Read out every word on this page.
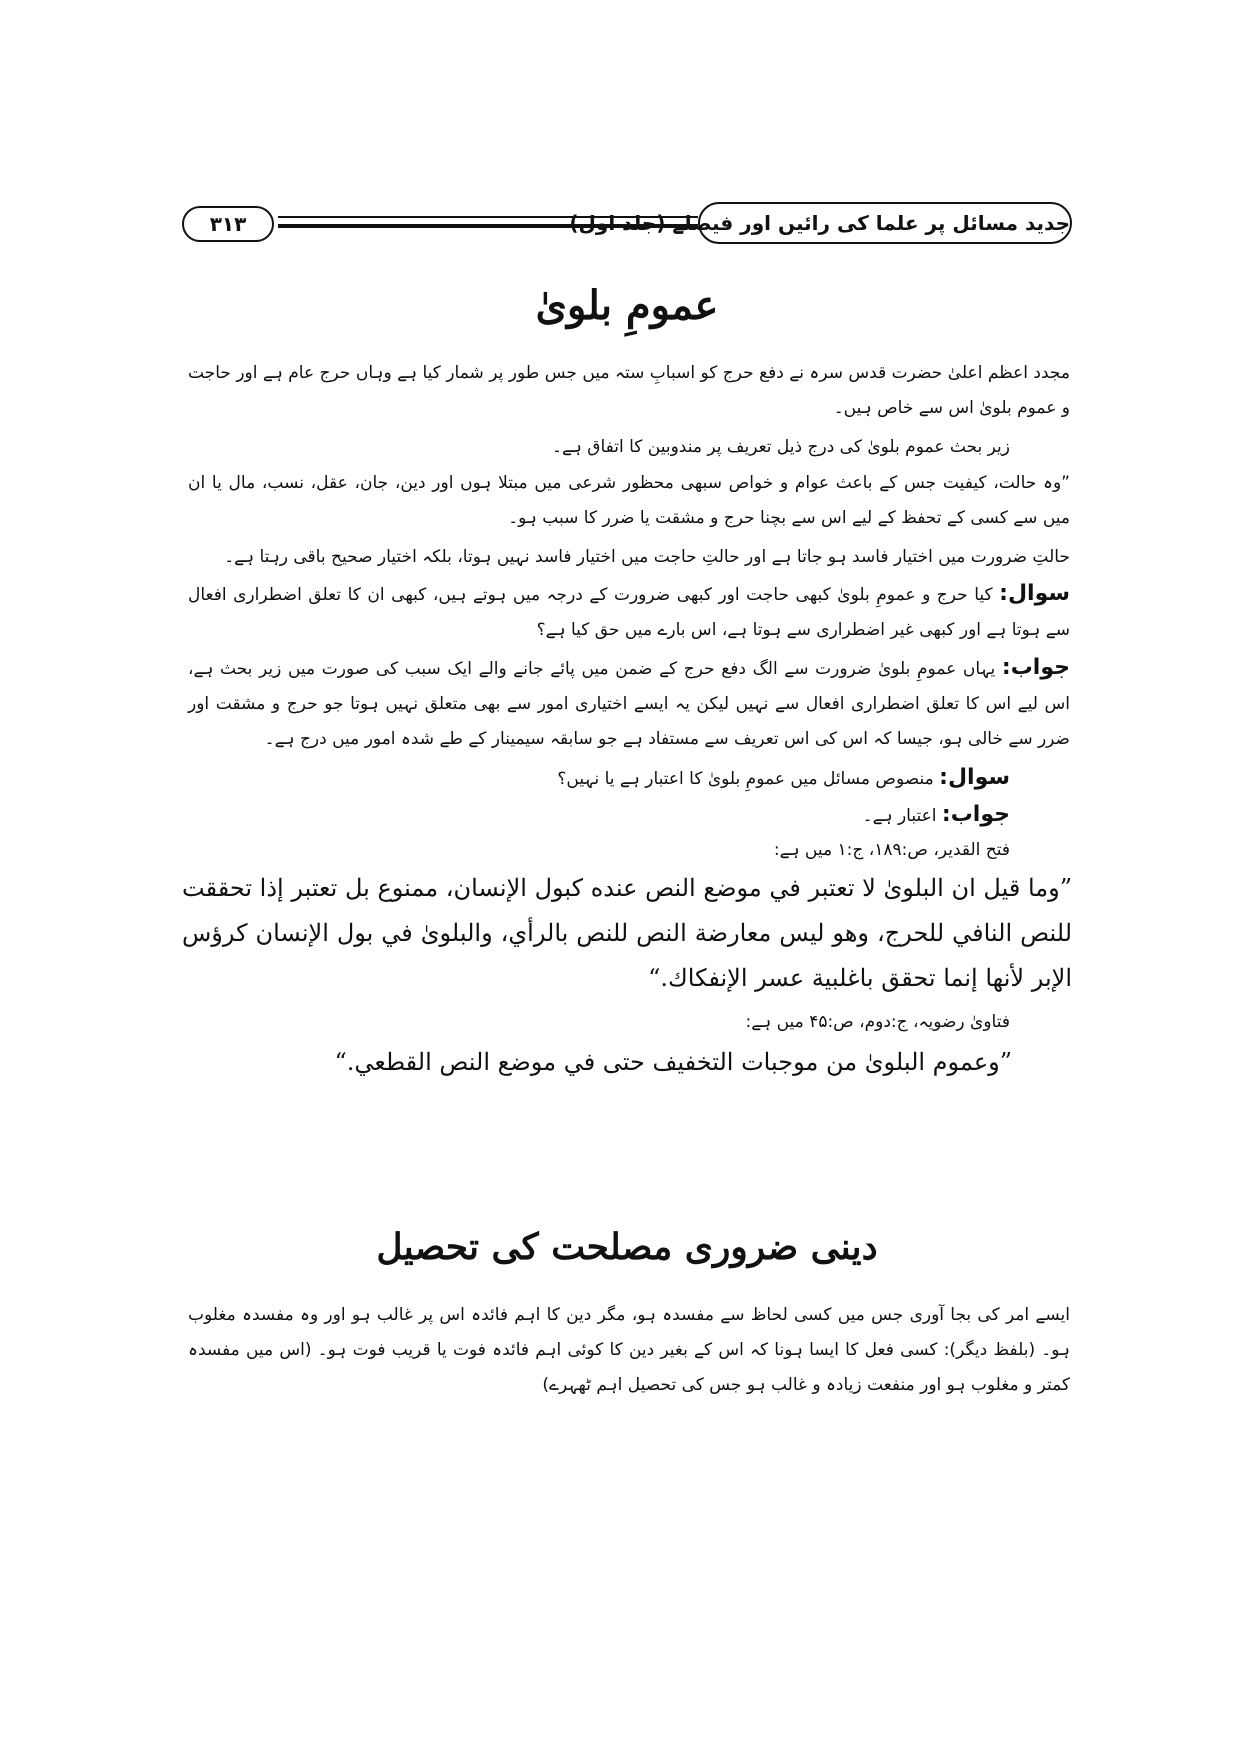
۳۱۳	جدید مسائل پر علما کی رائیں اور فیصلے (جلد اول)
عمومِ بلویٰ
مجدد اعظم اعلیٰ حضرت قدس سرہ نے دفع حرج کو اسبابِ ستہ میں جس طور پر شمار کیا ہے وہاں حرج عام ہے اور حاجت و عموم بلویٰ اس سے خاص ہیں۔
زیر بحث عموم بلویٰ کی درج ذیل تعریف پر مندوبین کا اتفاق ہے۔
”وہ حالت، کیفیت جس کے باعث عوام و خواص سبھی محظور شرعی میں مبتلا ہوں اور دین، جان، عقل، نسب، مال یا ان میں سے کسی کے تحفظ کے لیے اس سے بچنا حرج و مشقت یا ضرر کا سبب ہو۔
حالتِ ضرورت میں اختیار فاسد ہو جاتا ہے اور حالتِ حاجت میں اختیار فاسد نہیں ہوتا، بلکہ اختیار صحیح باقی رہتا ہے۔
سوال: کیا حرج و عمومِ بلویٰ کبھی حاجت اور کبھی ضرورت کے درجہ میں ہوتے ہیں، کبھی ان کا تعلق اضطراری افعال سے ہوتا ہے اور کبھی غیر اضطراری سے ہوتا ہے، اس بارے میں حق کیا ہے؟
جواب: یہاں عمومِ بلویٰ ضرورت سے الگ دفع حرج کے ضمن میں پائے جانے والے ایک سبب کی صورت میں زیر بحث ہے، اس لیے اس کا تعلق اضطراری افعال سے نہیں لیکن یہ ایسے اختیاری امور سے بھی متعلق نہیں ہوتا جو حرج و مشقت اور ضرر سے خالی ہو، جیسا کہ اس کی اس تعریف سے مستفاد ہے جو سابقہ سیمینار کے طے شدہ امور میں درج ہے۔
سوال: منصوص مسائل میں عمومِ بلویٰ کا اعتبار ہے یا نہیں؟
جواب: اعتبار ہے۔
فتح القدیر، ص:۱۸۹، ج:۱ میں ہے:
”وما قيل ان البلوىٰ لا تعتبر في موضع النص عنده كبول الإنسان، ممنوع بل تعتبر إذا تحققت للنص النافي للحرج، وهو ليس معارضة النص للنص بالرأي، والبلوىٰ في بول الإنسان كرؤس الإبر لأنها إنما تحقق باغلبية عسر الإنفكاك.“
فتاویٰ رضویہ، ج:دوم، ص:۴۵ میں ہے:
”وعموم البلوىٰ من موجبات التخفيف حتى في موضع النص القطعي.“
دینی ضروری مصلحت کی تحصیل
ایسے امر کی بجا آوری جس میں کسی لحاظ سے مفسدہ ہو، مگر دین کا اہم فائدہ اس پر غالب ہو اور وہ مفسدہ مغلوب ہو۔ (بلفظ دیگر): کسی فعل کا ایسا ہونا کہ اس کے بغیر دین کا کوئی اہم فائدہ فوت یا قریب فوت ہو۔ (اس میں مفسدہ کمتر و مغلوب ہو اور منفعت زیادہ و غالب ہو جس کی تحصیل اہم ٹھہرے)
